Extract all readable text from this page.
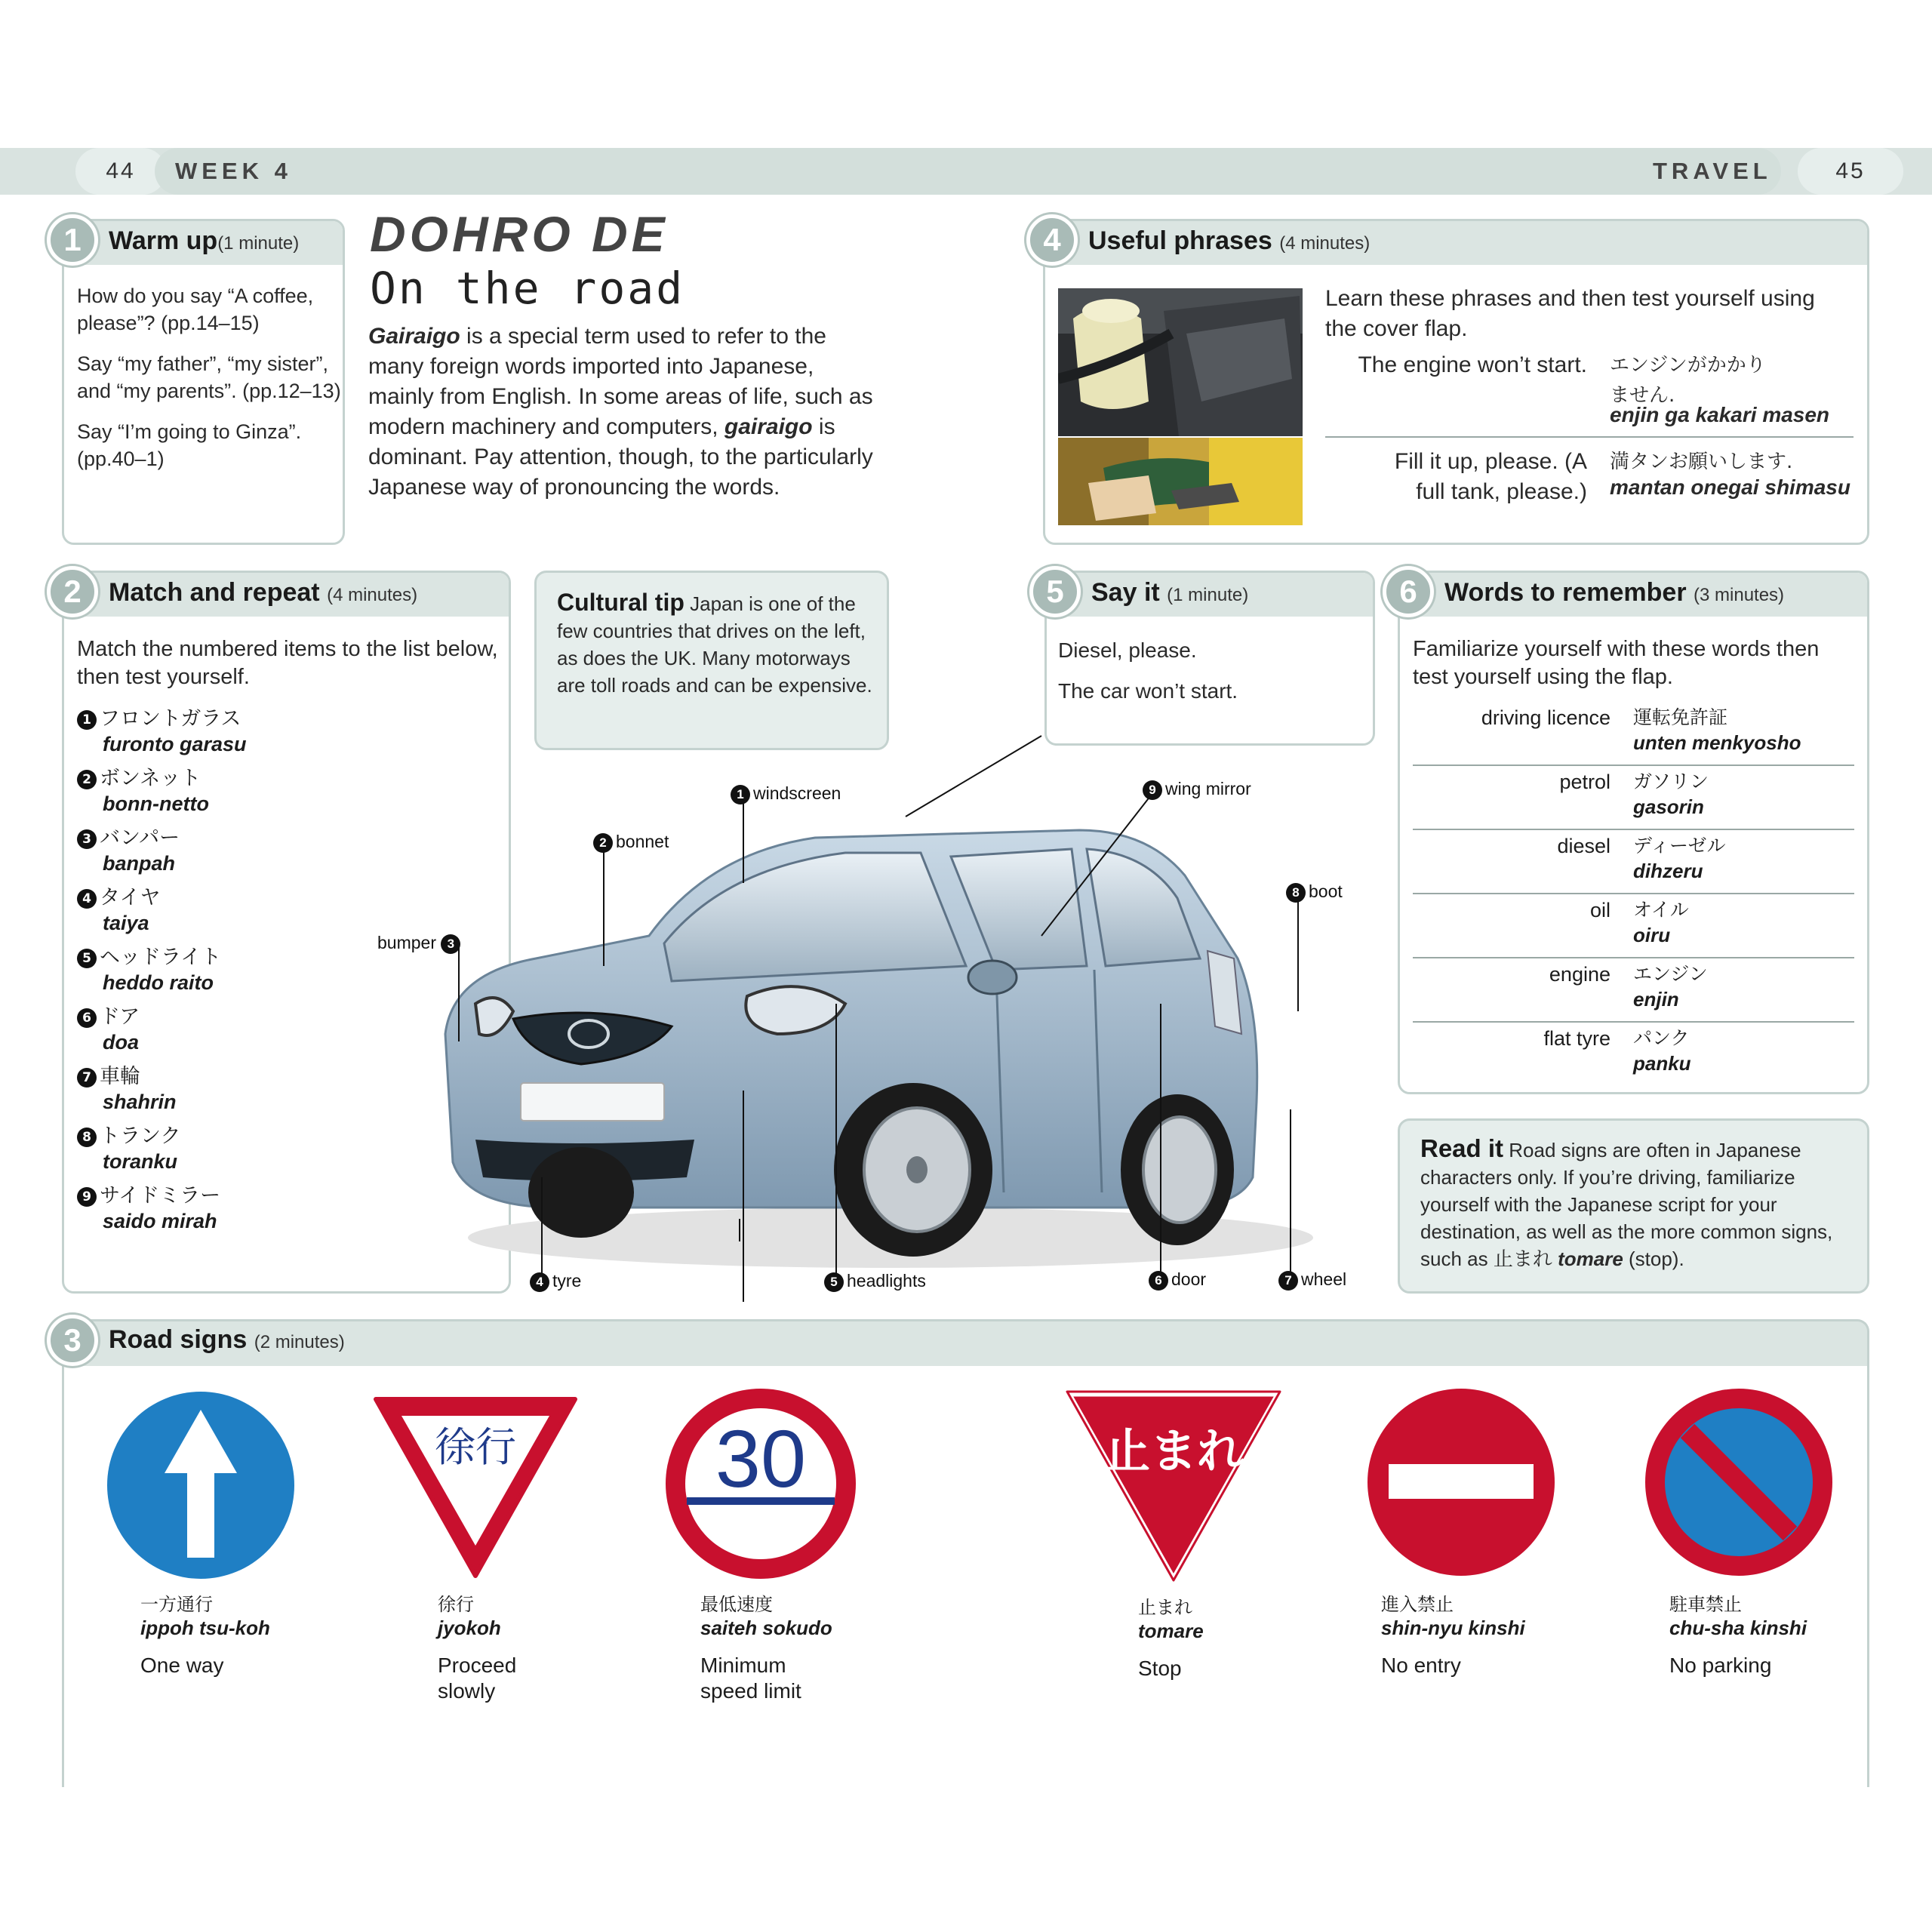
44	45
WEEK 4	TRAVEL
DOHRO DE
On the road
Gairaigo is a special term used to refer to the many foreign words imported into Japanese, mainly from English. In some areas of life, such as modern machinery and computers, gairaigo is dominant. Pay attention, though, to the particularly Japanese way of pronouncing the words.
1	Warm up(1 minute)
How do you say “A coffee, please”? (pp.14–15)
Say “my father”, “my sister”, and “my parents”. (pp.12–13)
Say “I’m going to Ginza”. (pp.40–1)
4	Useful phrases (4 minutes)
Learn these phrases and then test yourself using the cover flap.
The engine won’t start. エンジンがかかり ません.
enjin ga kakari masen
Fill it up, please. (A full tank, please.)
満タンお願いします.
mantan onegai shimasu
2	Match and repeat (4 minutes)
Match the numbered items to the list below, then test yourself.
1 フロントガラス
furonto garasu
2 ボンネット
bonn-netto
3 バンパー
banpah
4 タイヤ
taiya
5 ヘッドライト
heddo raito
6 ドア
doa
7 車輪
shahrin
8 トランク
toranku
9 サイドミラー
saido mirah
Cultural tip Japan is one of the few countries that drives on the left, as does the UK. Many motorways are toll roads and can be expensive.
5	Say it (1 minute)
Diesel, please.
The car won’t start.
6	Words to remember (3 minutes)
Familiarize yourself with these words then test yourself using the flap.
driving licence 運転免許証
unten menkyosho
petrol ガソリン
gasorin
diesel ディーゼル
dihzeru
oil オイル
oiru
engine エンジン
enjin
flat tyre パンク
panku
Read it Road signs are often in Japanese characters only. If you’re driving, familiarize yourself with the Japanese script for your destination, as well as the more common signs, such as 止まれ tomare (stop).
1 windscreen
2 bonnet
bumper 3
4 tyre	5 headlights	6 door	7 wheel
8 boot
9 wing mirror
3	Road signs (2 minutes)
徐行 30	止まれ
一方通行
ippoh tsu-koh
One way
徐行
jyokoh
Proceed slowly
最低速度
saiteh sokudo
Minimum speed limit
止まれ
tomare
Stop
進入禁止
shin-nyu kinshi
No entry
駐車禁止
chu-sha kinshi
No parking
